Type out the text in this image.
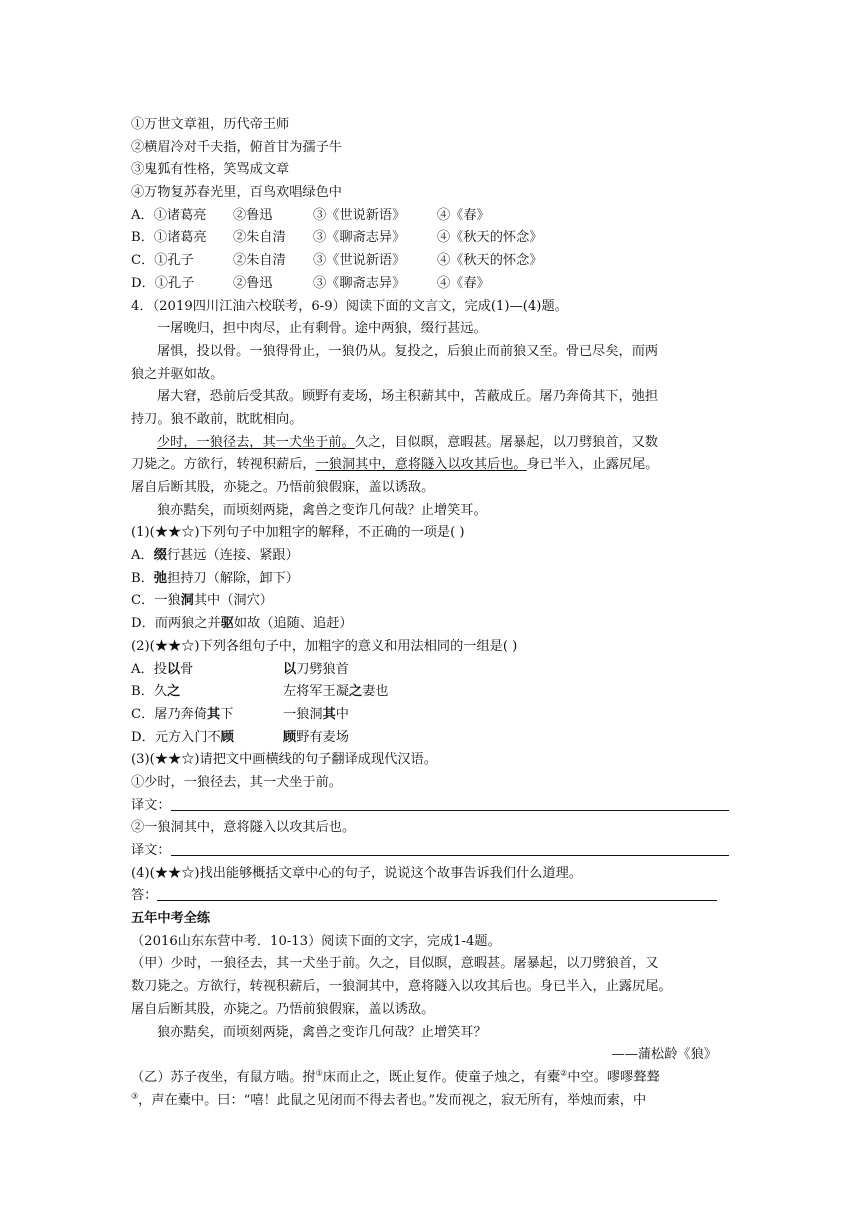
①万世文章祖，历代帝王师
②横眉冷对千夫指，俯首甘为孺子牛
③鬼狐有性格，笑骂成文章
④万物复苏春光里，百鸟欢唱绿色中
A．①诸葛亮 ②鲁迅	③《世说新语》 ④《春》
B．①诸葛亮 ②朱自清 ③《聊斋志异》 ④《秋天的怀念》
C．①孔子	②朱自清 ③《世说新语》 ④《秋天的怀念》
D．①孔子	②鲁迅	③《聊斋志异》 ④《春》
4．（2019四川江油六校联考，6-9）阅读下面的文言文，完成(1)—(4)题。
一屠晚归，担中肉尽，止有剩骨。途中两狼，缀行甚远。
屠惧，投以骨。一狼得骨止，一狼仍从。复投之，后狼止而前狼又至。骨已尽矣，而两
狼之并驱如故。
屠大窘，恐前后受其敌。顾野有麦场，场主积薪其中，苫蔽成丘。屠乃奔倚其下，弛担
持刀。狼不敢前，眈眈相向。
少时，一狼径去，其一犬坐于前。久之，目似瞑，意暇甚。屠暴起，以刀劈狼首，又数
刀毙之。方欲行，转视积薪后，一狼洞其中，意将隧入以攻其后也。身已半入，止露尻尾。
屠自后断其股，亦毙之。乃悟前狼假寐，盖以诱敌。
狼亦黠矣，而顷刻两毙，禽兽之变诈几何哉？止增笑耳。
(1)(★★☆)下列句子中加粗字的解释，不正确的一项是( )
A．缀行甚远（连接、紧跟）
B．弛担持刀（解除，卸下）
C．一狼洞其中（洞穴）
D．而两狼之并驱如故（追随、追赶）
(2)(★★☆)下列各组句子中，加粗字的意义和用法相同的一组是( )
A．投以骨	以刀劈狼首
B．久之	左将军王凝之妻也
C．屠乃奔倚其下	一狼洞其中
D．元方入门不顾	顾野有麦场
(3)(★★☆)请把文中画横线的句子翻译成现代汉语。
①少时，一狼径去，其一犬坐于前。
译文：
②一狼洞其中，意将隧入以攻其后也。
译文：
(4)(★★☆)找出能够概括文章中心的句子，说说这个故事告诉我们什么道理。
答：
五年中考全练
（2016山东东营中考．10-13）阅读下面的文字，完成1-4题。
（甲）少时，一狼径去，其一犬坐于前。久之，目似瞑，意暇甚。屠暴起，以刀劈狼首，又
数刀毙之。方欲行，转视积薪后，一狼洞其中，意将隧入以攻其后也。身已半入，止露尻尾。
屠自后断其股，亦毙之。乃悟前狼假寐，盖以诱敌。
狼亦黠矣，而顷刻两毙，禽兽之变诈几何哉？止增笑耳？
——蒲松龄《狼》
（乙）苏子夜坐，有鼠方啮。拊①床而止之，既止复作。使童子烛之，有橐②中空。嘐嘐聱聱
③，声在橐中。曰：“嘻！此鼠之见闭而不得去者也。”发而视之，寂无所有，举烛而索，中
